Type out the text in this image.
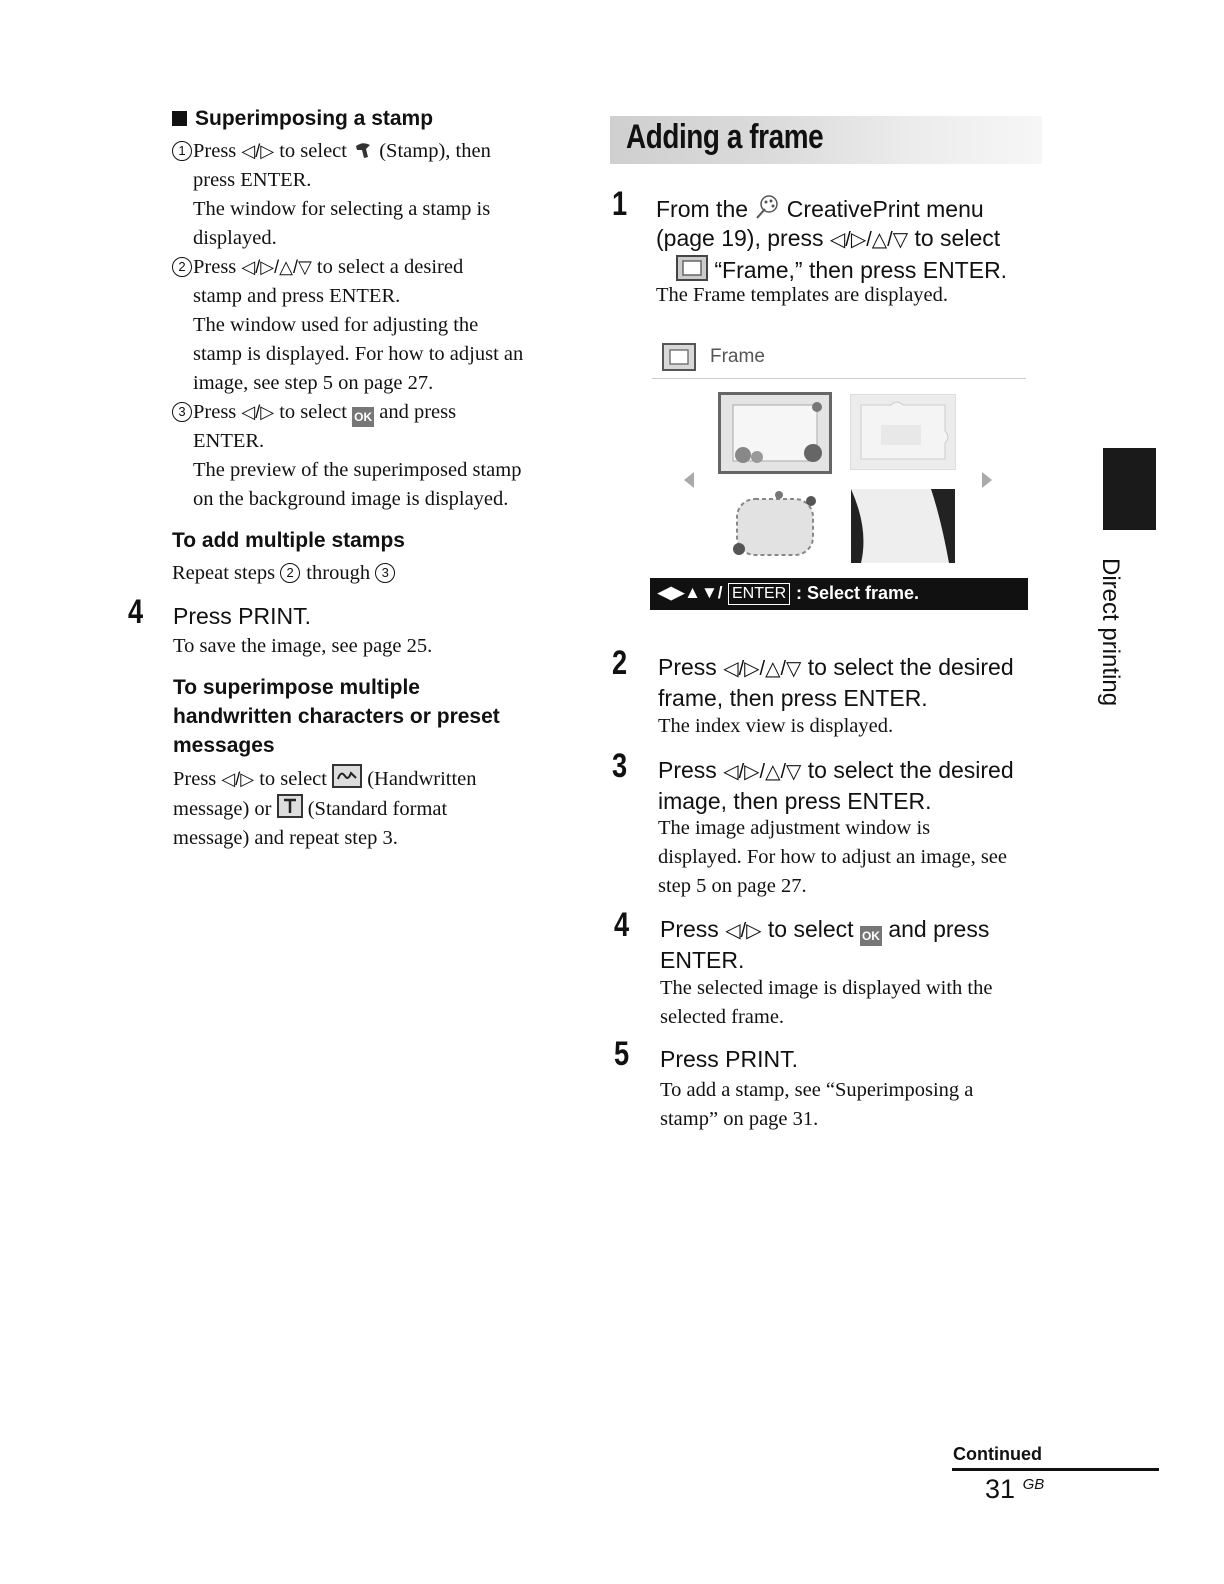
Superimposing a stamp
1 Press ◁/▷ to select  (Stamp), then
press ENTER.
The window for selecting a stamp is
displayed.
2 Press ◁/▷/△/▽ to select a desired
stamp and press ENTER.
The window used for adjusting the
stamp is displayed. For how to adjust an
image, see step 5 on page 27.
3 Press ◁/▷ to select OK and press
ENTER.
The preview of the superimposed stamp
on the background image is displayed.
To add multiple stamps
Repeat steps 2 through 3
4 Press PRINT.
To save the image, see page 25.
To superimpose multiple
handwritten characters or preset
messages
Press ◁/▷ to select  (Handwritten
message) or  (Standard format
message) and repeat step 3.
Adding a frame
1 From the  CreativePrint menu
(page 19), press ◁/▷/△/▽ to select
“Frame,” then press ENTER.
The Frame templates are displayed.
Frame
◀▶▲▼/ ENTER : Select frame.
2 Press ◁/▷/△/▽ to select the desired
frame, then press ENTER.
The index view is displayed.
3 Press ◁/▷/△/▽ to select the desired
image, then press ENTER.
The image adjustment window is
displayed. For how to adjust an image, see
step 5 on page 27.
4 Press ◁/▷ to select OK and press
ENTER.
The selected image is displayed with the
selected frame.
5 Press PRINT.
To add a stamp, see “Superimposing a
stamp” on page 31.
Direct printing
Continued
31 $^{GB}$
